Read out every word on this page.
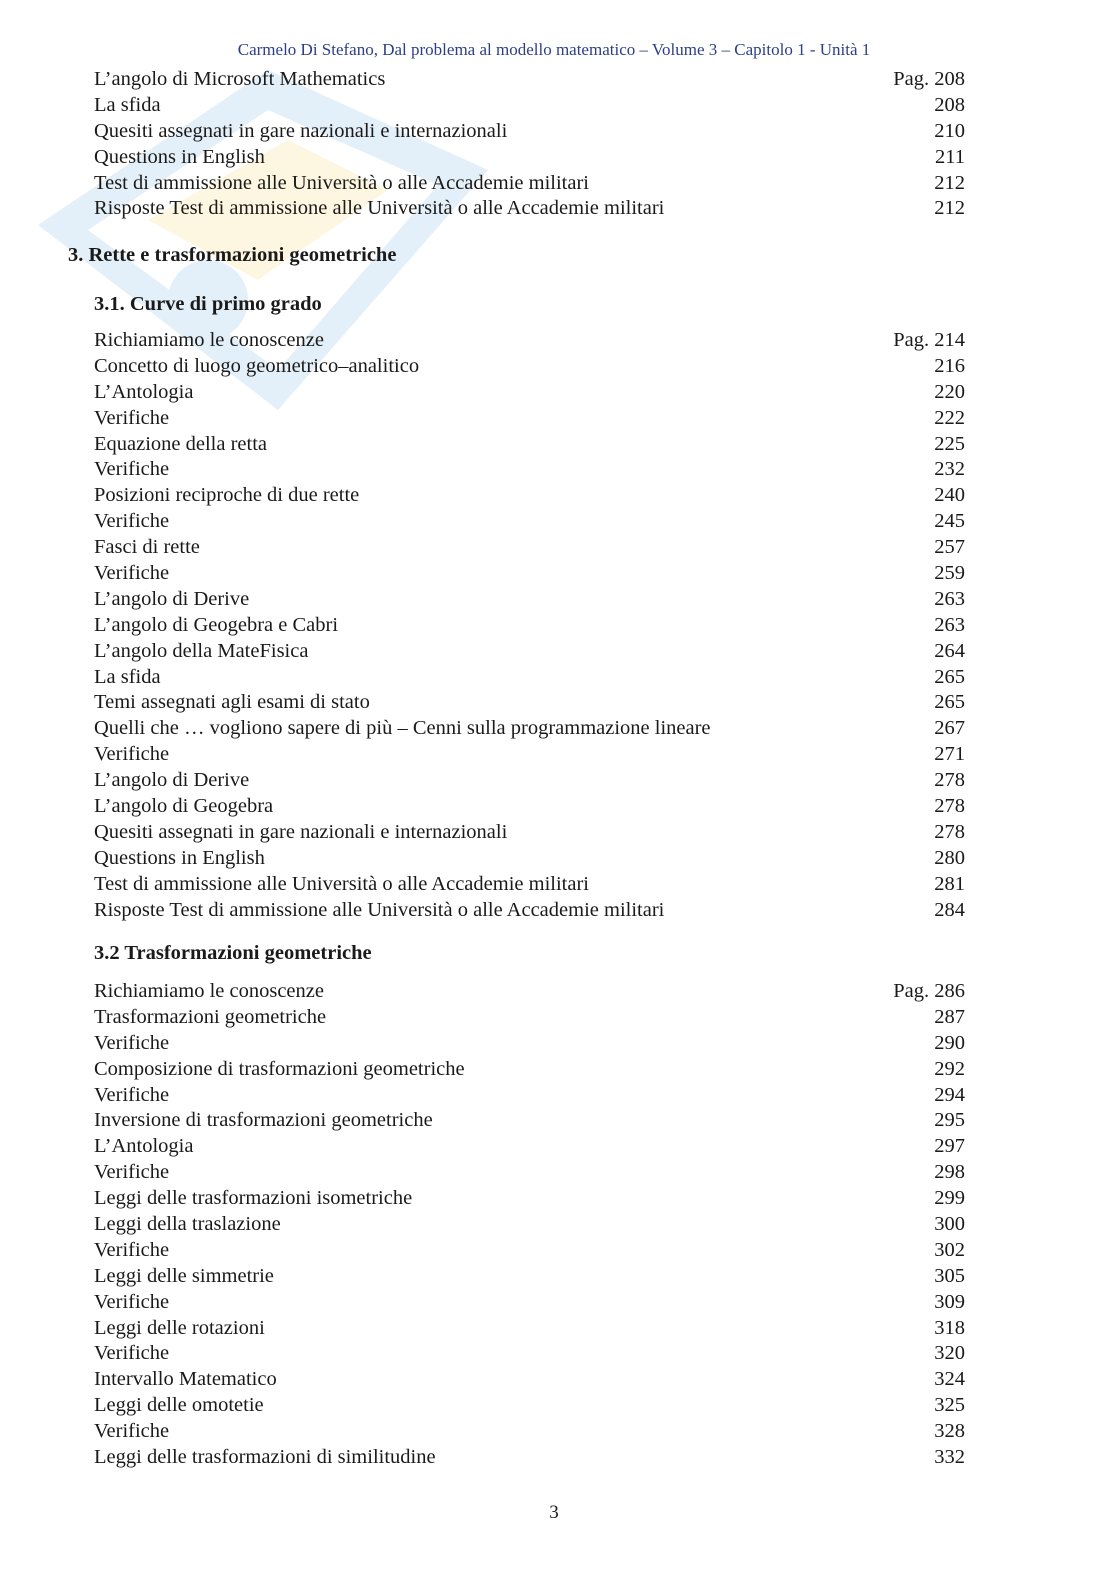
Carmelo Di Stefano, Dal problema al modello matematico – Volume 3 – Capitolo 1 - Unità 1
L’angolo di Microsoft Mathematics	Pag. 208
La sfida	208
Quesiti assegnati in gare nazionali e internazionali	210
Questions in English	211
Test di ammissione alle Università o alle Accademie militari	212
Risposte Test di ammissione alle Università o alle Accademie militari	212
3. Rette e trasformazioni geometriche
3.1. Curve di primo grado
Richiamiamo le conoscenze	Pag. 214
Concetto di luogo geometrico–analitico	216
L’Antologia	220
Verifiche	222
Equazione della retta	225
Verifiche	232
Posizioni reciproche di due rette	240
Verifiche	245
Fasci di rette	257
Verifiche	259
L’angolo di Derive	263
L’angolo di Geogebra e Cabri	263
L’angolo della MateFisica	264
La sfida	265
Temi assegnati agli esami di stato	265
Quelli che … vogliono sapere di più – Cenni sulla programmazione lineare	267
Verifiche	271
L’angolo di Derive	278
L’angolo di Geogebra	278
Quesiti assegnati in gare nazionali e internazionali	278
Questions in English	280
Test di ammissione alle Università o alle Accademie militari	281
Risposte Test di ammissione alle Università o alle Accademie militari	284
3.2 Trasformazioni geometriche
Richiamiamo le conoscenze	Pag. 286
Trasformazioni geometriche	287
Verifiche	290
Composizione di trasformazioni geometriche	292
Verifiche	294
Inversione di trasformazioni geometriche	295
L’Antologia	297
Verifiche	298
Leggi delle trasformazioni isometriche	299
Leggi della traslazione	300
Verifiche	302
Leggi delle simmetrie	305
Verifiche	309
Leggi delle rotazioni	318
Verifiche	320
Intervallo Matematico	324
Leggi delle omotetie	325
Verifiche	328
Leggi delle trasformazioni di similitudine	332
3
